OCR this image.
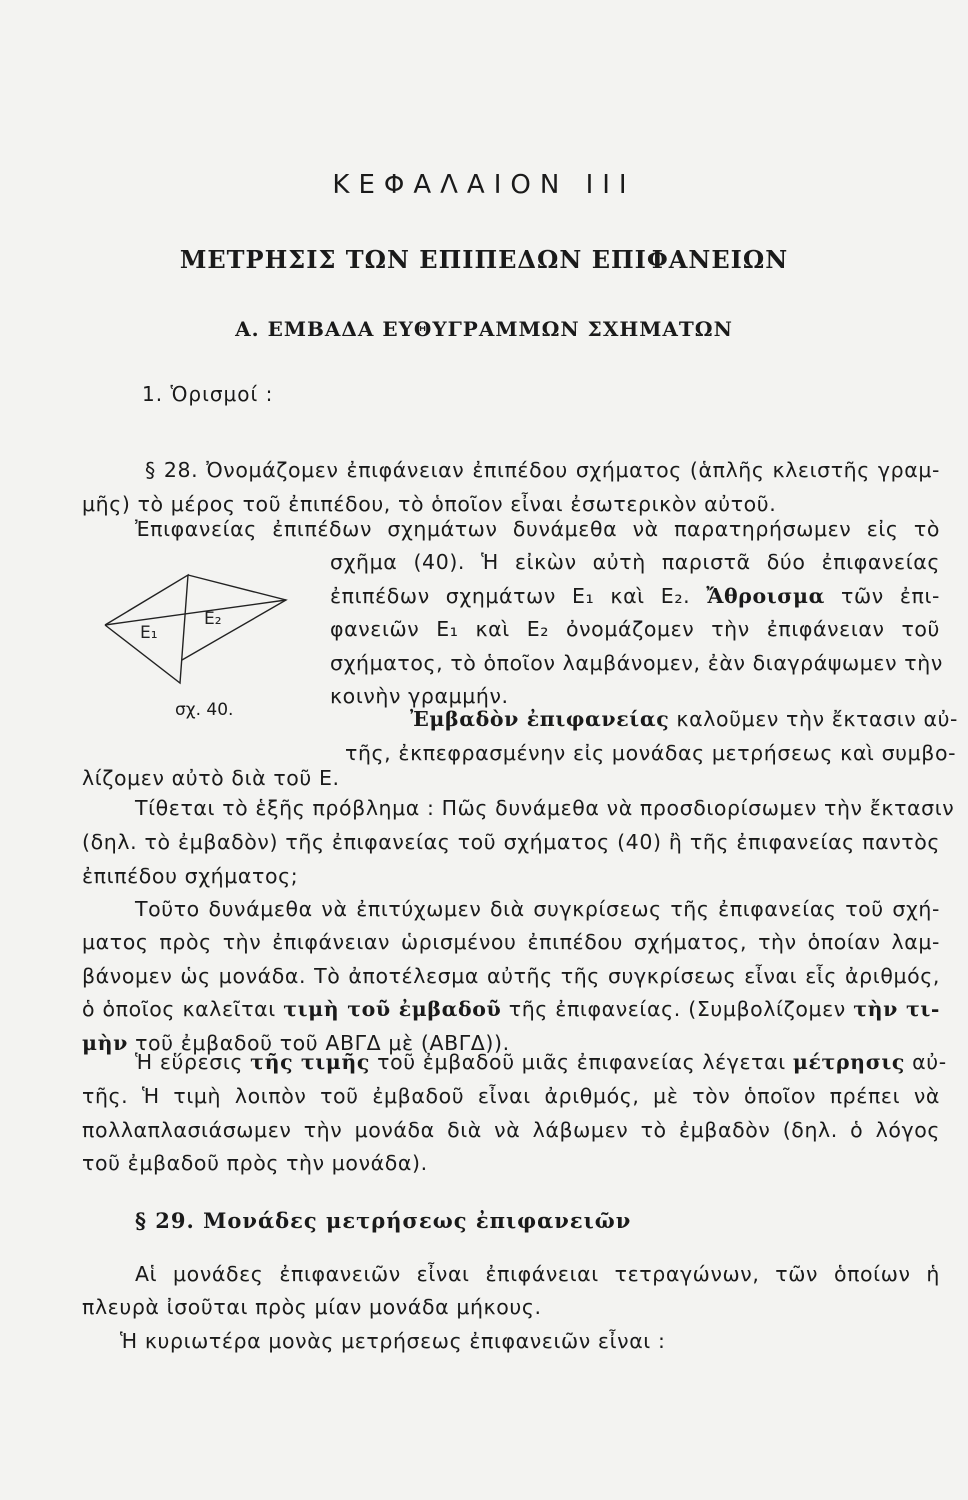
ΚΕΦΑΛΑΙΟΝ III
ΜΕΤΡΗΣΙΣ ΤΩΝ ΕΠΙΠΕΔΩΝ ΕΠΙΦΑΝΕΙΩΝ
Α. ΕΜΒΑΔΑ ΕΥΘΥΓΡΑΜΜΩΝ ΣΧΗΜΑΤΩΝ
1. Ὁρισμοί :
§ 28. Ὀνομάζομεν ἐπιφάνειαν ἐπιπέδου σχήματος (ἁπλῆς κλειστῆς γραμ-
μῆς) τὸ μέρος τοῦ ἐπιπέδου, τὸ ὁποῖον εἶναι ἐσωτερικὸν αὐτοῦ.
Ἐπιφανείας ἐπιπέδων σχημάτων δυνάμεθα νὰ παρατηρήσωμεν εἰς τὸ
σχῆμα (40). Ἡ εἰκὼν αὐτὴ παριστᾶ δύο ἐπιφανείας
ἐπιπέδων σχημάτων Ε₁ καὶ Ε₂. Ἄθροισμα τῶν ἐπι-
φανειῶν Ε₁ καὶ Ε₂ ὀνομάζομεν τὴν ἐπιφάνειαν τοῦ
σχήματος, τὸ ὁποῖον λαμβάνομεν, ἐὰν διαγράψωμεν τὴν
κοινὴν γραμμήν.
Ἐμβαδὸν ἐπιφανείας καλοῦμεν τὴν ἔκτασιν αὐ-
τῆς, ἐκπεφρασμένην εἰς μονάδας μετρήσεως καὶ συμβο-
λίζομεν αὐτὸ διὰ τοῦ Ε.
Ε₁
Ε₂
σχ. 40.
Τίθεται τὸ ἑξῆς πρόβλημα : Πῶς δυνάμεθα νὰ προσδιορίσωμεν τὴν ἔκτασιν
(δηλ. τὸ ἐμβαδὸν) τῆς ἐπιφανείας τοῦ σχήματος (40) ἢ τῆς ἐπιφανείας παντὸς
ἐπιπέδου σχήματος;
Τοῦτο δυνάμεθα νὰ ἐπιτύχωμεν διὰ συγκρίσεως τῆς ἐπιφανείας τοῦ σχή-
ματος πρὸς τὴν ἐπιφάνειαν ὡρισμένου ἐπιπέδου σχήματος, τὴν ὁποίαν λαμ-
βάνομεν ὡς μονάδα. Τὸ ἀποτέλεσμα αὐτῆς τῆς συγκρίσεως εἶναι εἷς ἀριθμός,
ὁ ὁποῖος καλεῖται τιμὴ τοῦ ἐμβαδοῦ τῆς ἐπιφανείας. (Συμβολίζομεν τὴν τι-
μὴν τοῦ ἐμβαδοῦ τοῦ ΑΒΓΔ μὲ (ΑΒΓΔ)).
Ἡ εὕρεσις τῆς τιμῆς τοῦ ἐμβαδοῦ μιᾶς ἐπιφανείας λέγεται μέτρησις αὐ-
τῆς. Ἡ τιμὴ λοιπὸν τοῦ ἐμβαδοῦ εἶναι ἀριθμός, μὲ τὸν ὁποῖον πρέπει νὰ
πολλαπλασιάσωμεν τὴν μονάδα διὰ νὰ λάβωμεν τὸ ἐμβαδὸν (δηλ. ὁ λόγος
τοῦ ἐμβαδοῦ πρὸς τὴν μονάδα).
§ 29. Μονάδες μετρήσεως ἐπιφανειῶν
Αἱ μονάδες ἐπιφανειῶν εἶναι ἐπιφάνειαι τετραγώνων, τῶν ὁποίων ἡ
πλευρὰ ἰσοῦται πρὸς μίαν μονάδα μήκους.
Ἡ κυριωτέρα μονὰς μετρήσεως ἐπιφανειῶν εἶναι :
